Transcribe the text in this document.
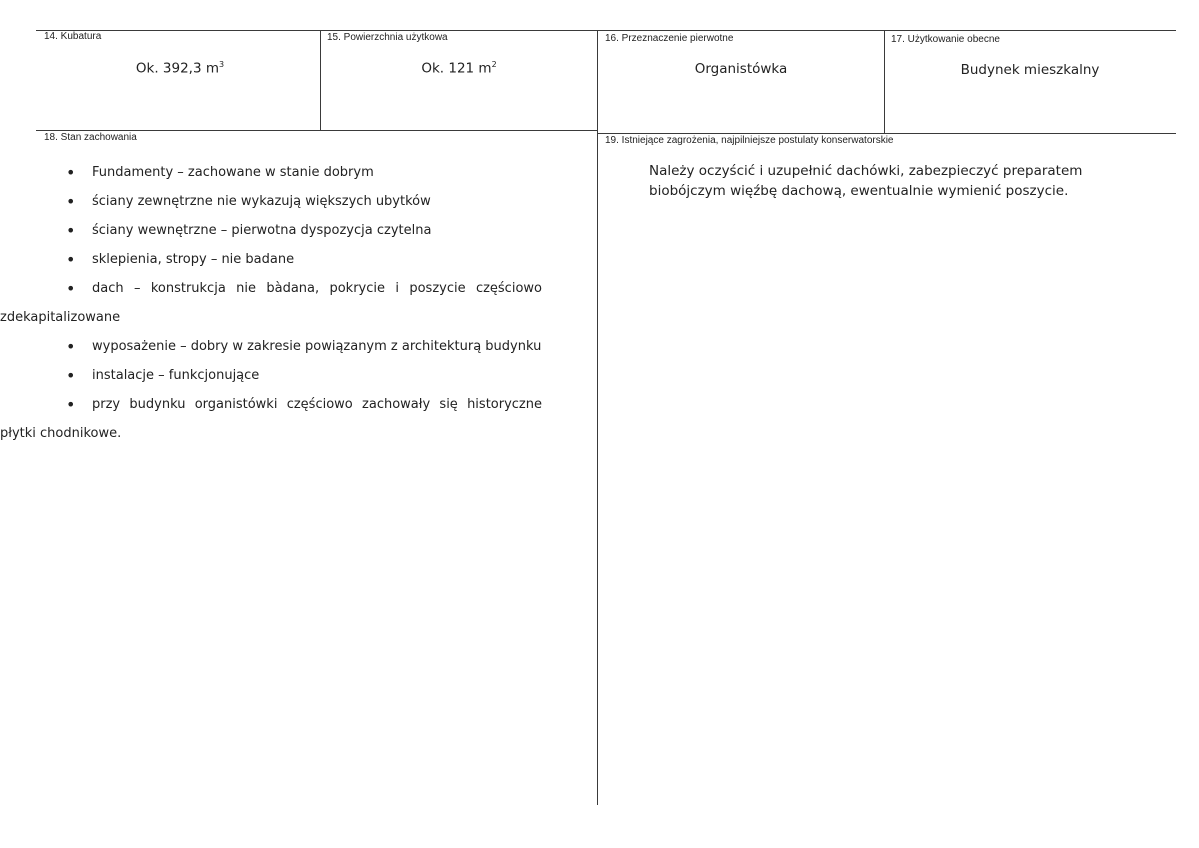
14. Kubatura
Ok. 392,3 $m^3$
15. Powierzchnia użytkowa
Ok. 121 $m^2$
16. Przeznaczenie pierwotne
Organistówka
17. Użytkowanie obecne
Budynek mieszkalny
18. Stan zachowania
•	Fundamenty – zachowane w stanie dobrym
•	ściany zewnętrzne nie wykazują większych ubytków
•	ściany wewnętrzne – pierwotna dyspozycja czytelna
•	sklepienia, stropy – nie badane
•	dach – konstrukcja nie bàdana, pokrycie i poszycie częściowo
zdekapitalizowane
•	wyposażenie – dobry w zakresie powiązanym z architekturą budynku
•	instalacje – funkcjonujące
•	przy budynku organistówki częściowo zachowały się historyczne
płytki chodnikowe.
19. Istniejące zagrożenia, najpilniejsze postulaty konserwatorskie
Należy oczyścić i uzupełnić dachówki, zabezpieczyć preparatem biobójczym więźbę dachową, ewentualnie wymienić poszycie.
